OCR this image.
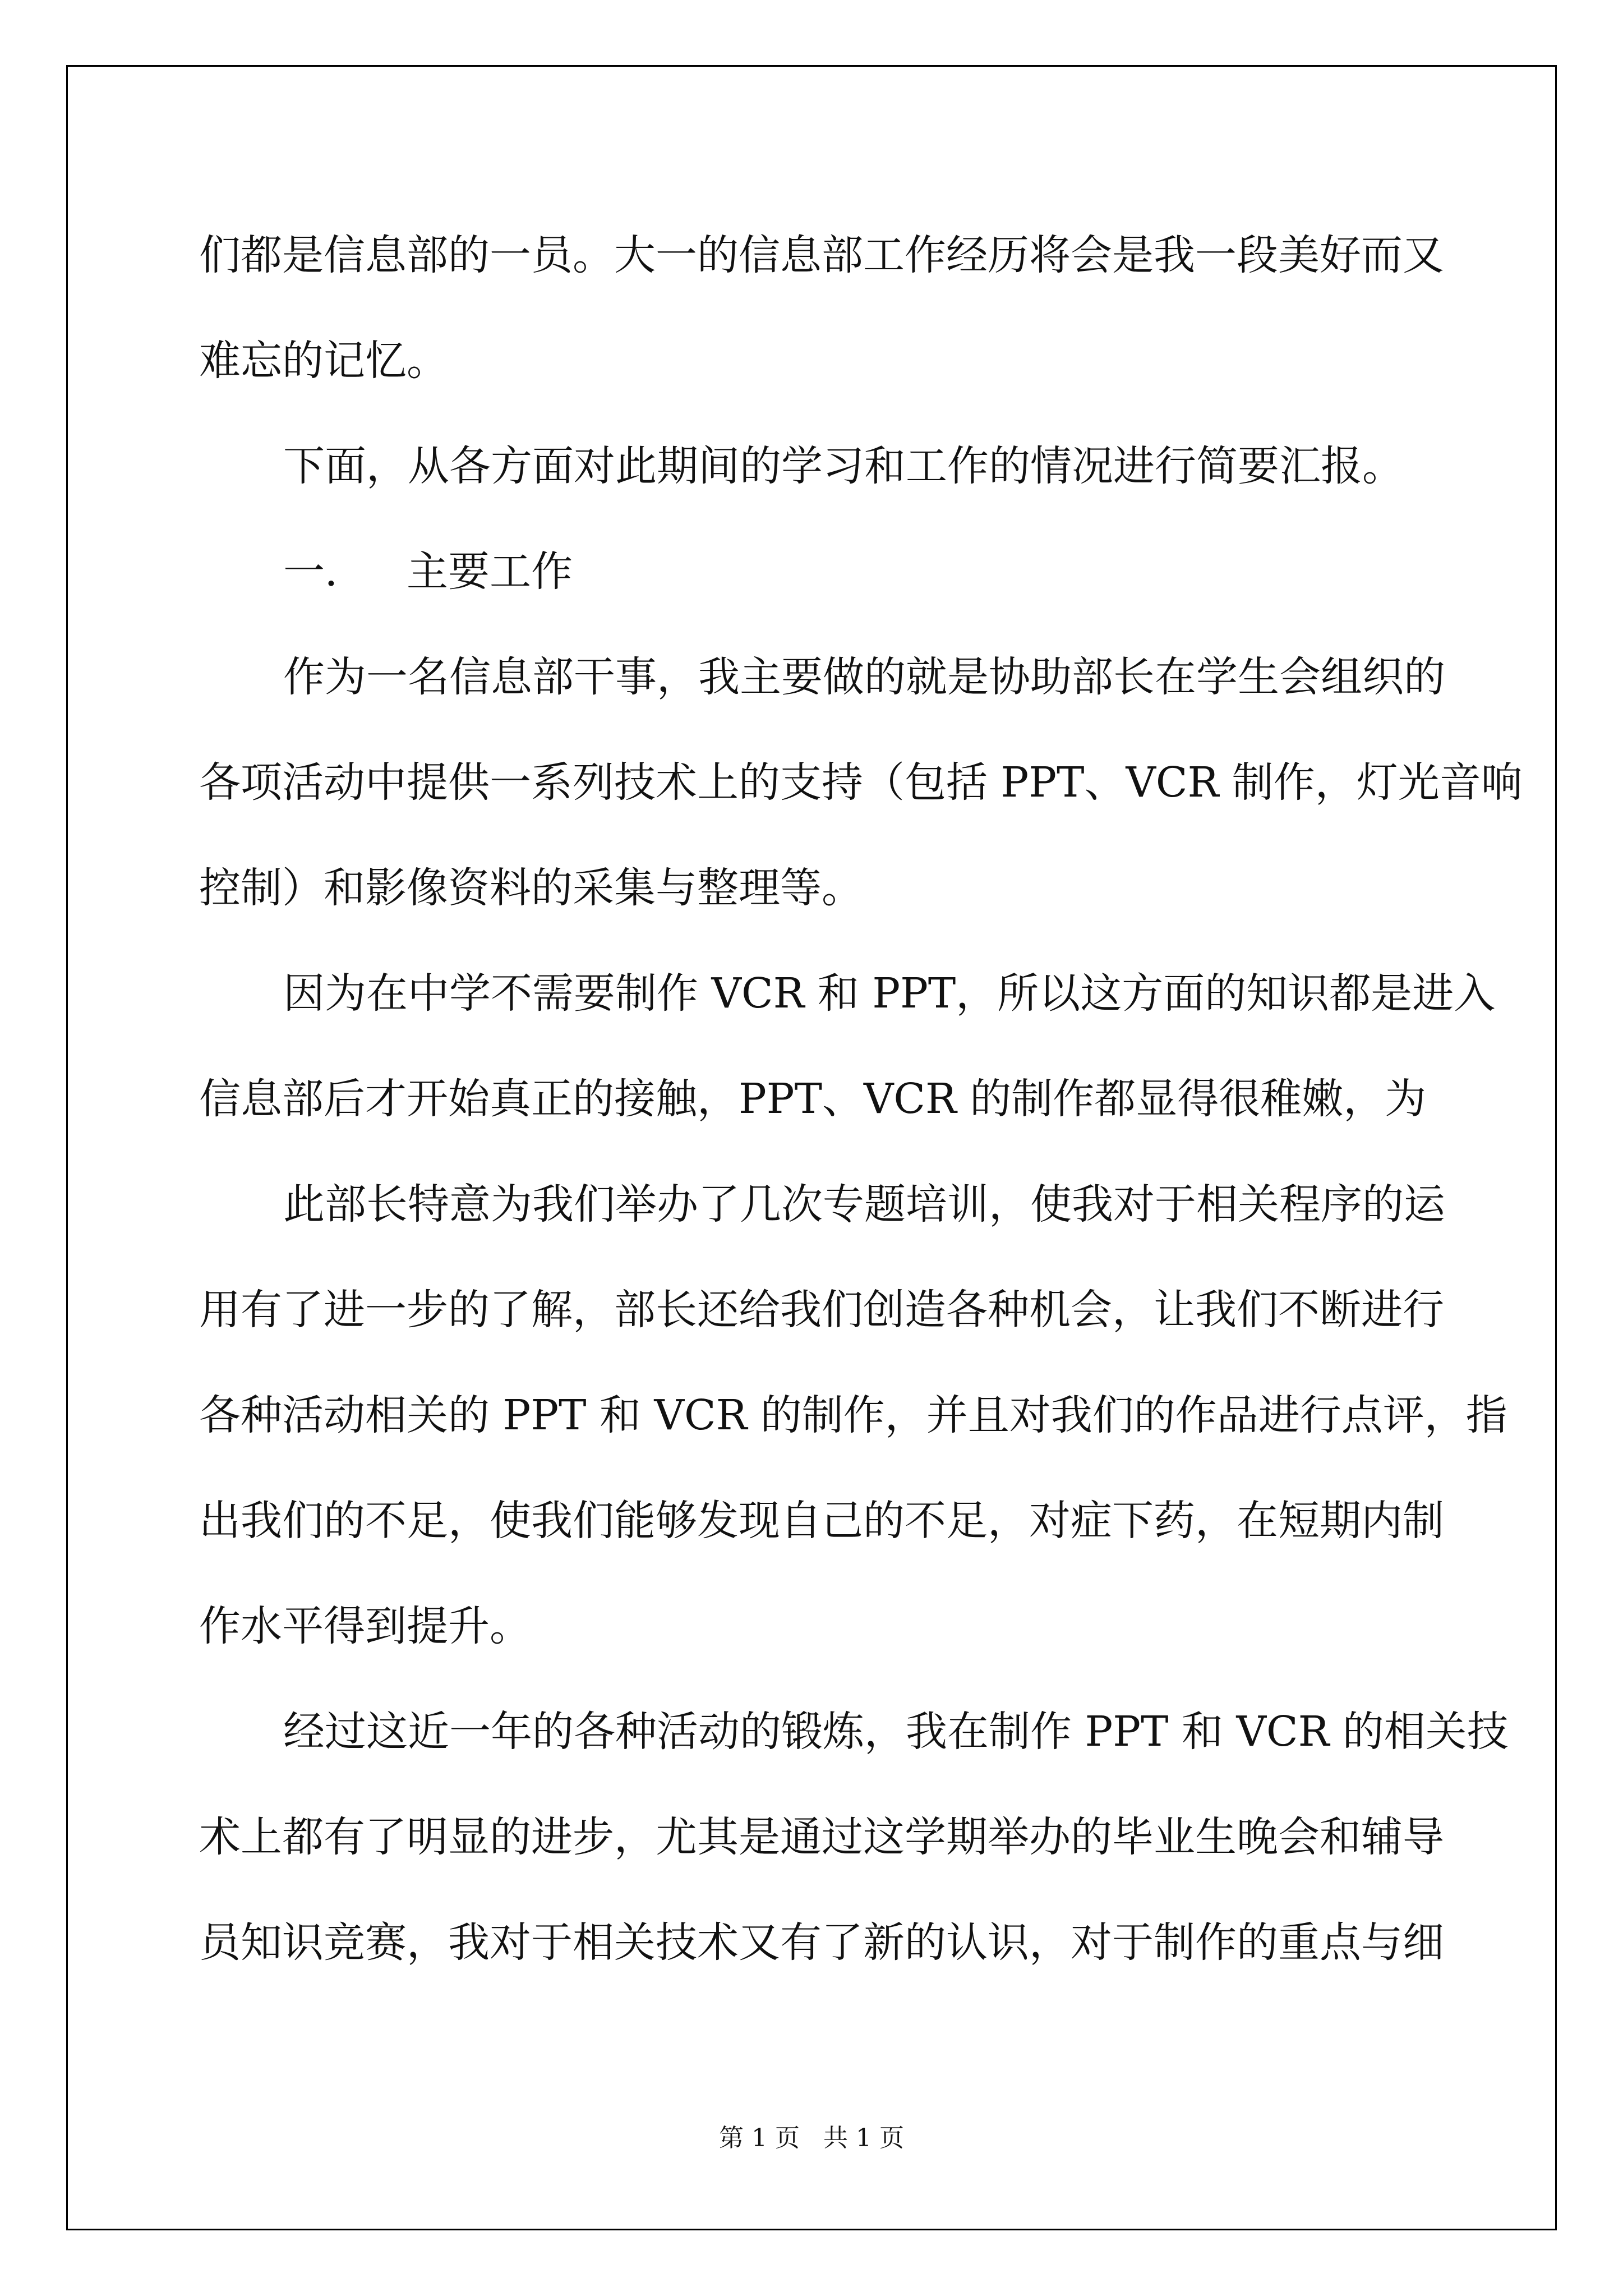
们都是信息部的一员。大一的信息部工作经历将会是我一段美好而又
难忘的记忆。
下面，从各方面对此期间的学习和工作的情况进行简要汇报。
一． 主要工作
作为一名信息部干事，我主要做的就是协助部长在学生会组织的
各项活动中提供一系列技术上的支持（包括 PPT、VCR 制作，灯光音响
控制）和影像资料的采集与整理等。
因为在中学不需要制作 VCR 和 PPT，所以这方面的知识都是进入
信息部后才开始真正的接触，PPT、VCR 的制作都显得很稚嫩，为
此部长特意为我们举办了几次专题培训，使我对于相关程序的运
用有了进一步的了解，部长还给我们创造各种机会，让我们不断进行
各种活动相关的 PPT 和 VCR 的制作，并且对我们的作品进行点评，指
出我们的不足，使我们能够发现自己的不足，对症下药，在短期内制
作水平得到提升。
经过这近一年的各种活动的锻炼，我在制作 PPT 和 VCR 的相关技
术上都有了明显的进步，尤其是通过这学期举办的毕业生晚会和辅导
员知识竞赛，我对于相关技术又有了新的认识，对于制作的重点与细
第 1 页 共 1 页
